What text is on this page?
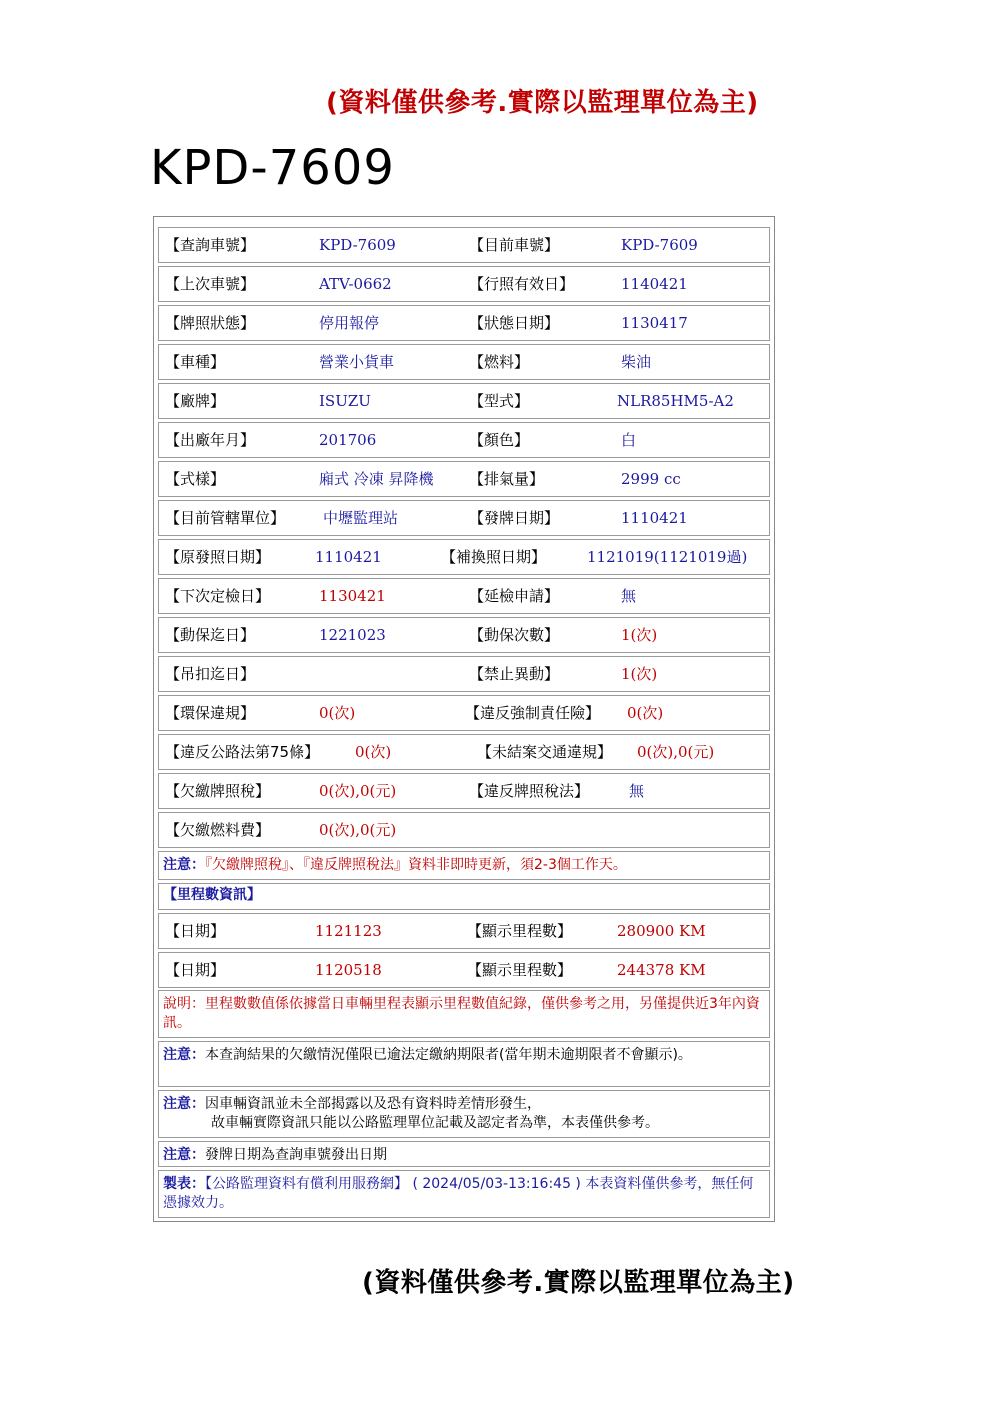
(資料僅供參考.實際以監理單位為主)
KPD-7609
【查詢車號】	KPD-7609	【目前車號】	KPD-7609
【上次車號】	ATV-0662	【行照有效日】	1140421
【牌照狀態】	停用報停	【狀態日期】	1130417
【車種】	營業小貨車	【燃料】	柴油
【廠牌】	ISUZU	【型式】	NLR85HM5-A2
【出廠年月】	201706	【顏色】	白
【式樣】	廂式 冷凍 昇降機 【排氣量】	2999 cc
【目前管轄單位】	中壢監理站	【發牌日期】	1110421
【原發照日期】	1110421	【補換照日期】	1121019(1121019過)
【下次定檢日】	1130421	【延檢申請】	無
【動保迄日】	1221023	【動保次數】	1(次)
【吊扣迄日】	【禁止異動】	1(次)
【環保違規】	0(次)	【違反強制責任險】 0(次)
【違反公路法第75條】 0(次)	【未結案交通違規】 0(次),0(元)
【欠繳牌照稅】	0(次),0(元)	【違反牌照稅法】	無
【欠繳燃料費】	0(次),0(元)
注意：『欠繳牌照稅』、『違反牌照稅法』資料非即時更新，須2-3個工作天。
【里程數資訊】
【日期】	1121123	【顯示里程數】	280900 KM
【日期】	1120518	【顯示里程數】	244378 KM
說明：里程數數值係依據當日車輛里程表顯示里程數值紀錄，僅供參考之用，另僅提供近3年內資訊。
注意：本查詢結果的欠繳情況僅限已逾法定繳納期限者(當年期未逾期限者不會顯示)。
注意：因車輛資訊並未全部揭露以及恐有資料時差情形發生，
故車輛實際資訊只能以公路監理單位記載及認定者為準，本表僅供參考。
注意：發牌日期為查詢車號發出日期
製表：【公路監理資料有償利用服務網】 ( 2024/05/03-13:16:45 ) 本表資料僅供參考，無任何憑據效力。
(資料僅供參考.實際以監理單位為主)
